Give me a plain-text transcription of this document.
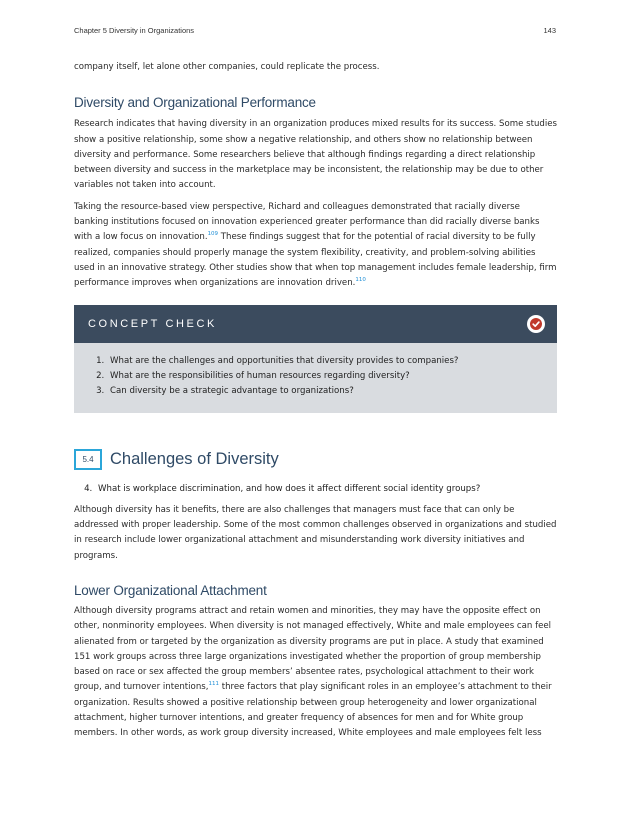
Chapter 5 Diversity in Organizations	143

company itself, let alone other companies, could replicate the process.

Diversity and Organizational Performance

Research indicates that having diversity in an organization produces mixed results for its success. Some studies show a positive relationship, some show a negative relationship, and others show no relationship between diversity and performance. Some researchers believe that although findings regarding a direct relationship between diversity and success in the marketplace may be inconsistent, the relationship may be due to other variables not taken into account.

Taking the resource-based view perspective, Richard and colleagues demonstrated that racially diverse banking institutions focused on innovation experienced greater performance than did racially diverse banks with a low focus on innovation.$^{109}$ These findings suggest that for the potential of racial diversity to be fully realized, companies should properly manage the system flexibility, creativity, and problem-solving abilities used in an innovative strategy. Other studies show that when top management includes female leadership, firm performance improves when organizations are innovation driven.$^{110}$

CONCEPT CHECK
1. What are the challenges and opportunities that diversity provides to companies?
2. What are the responsibilities of human resources regarding diversity?
3. Can diversity be a strategic advantage to organizations?
5.4 Challenges of Diversity
4. What is workplace discrimination, and how does it affect different social identity groups?

Although diversity has it benefits, there are also challenges that managers must face that can only be addressed with proper leadership. Some of the most common challenges observed in organizations and studied in research include lower organizational attachment and misunderstanding work diversity initiatives and programs.

Lower Organizational Attachment

Although diversity programs attract and retain women and minorities, they may have the opposite effect on other, nonminority employees. When diversity is not managed effectively, White and male employees can feel alienated from or targeted by the organization as diversity programs are put in place. A study that examined 151 work groups across three large organizations investigated whether the proportion of group membership based on race or sex affected the group members’ absentee rates, psychological attachment to their work group, and turnover intentions,$^{111}$ three factors that play significant roles in an employee’s attachment to their organization. Results showed a positive relationship between group heterogeneity and lower organizational attachment, higher turnover intentions, and greater frequency of absences for men and for White group members. In other words, as work group diversity increased, White employees and male employees felt less
